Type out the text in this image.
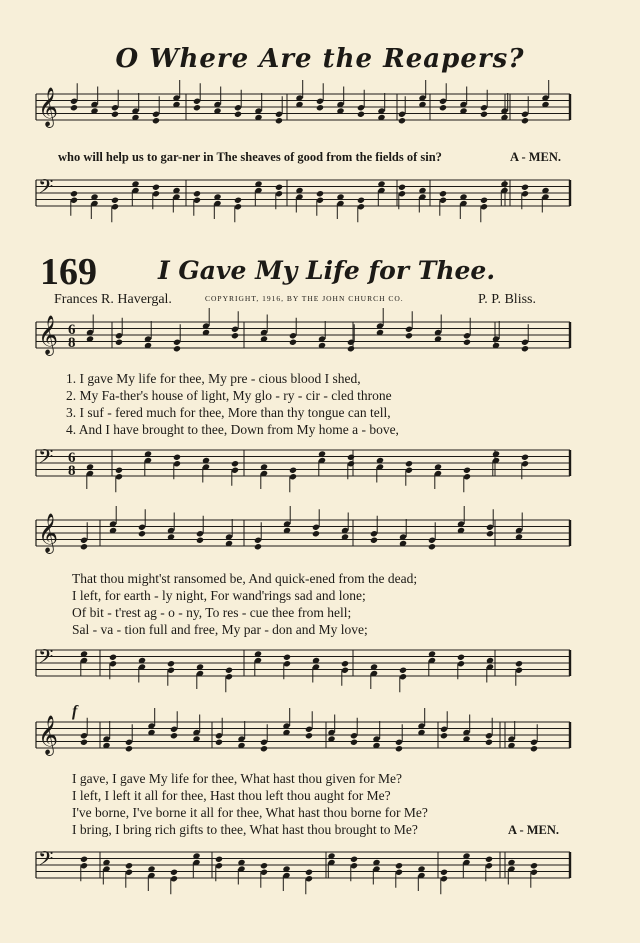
O Where Are the Reapers?
𝄞
𝄢
𝄞
𝄢
6
8
6
8
𝄞
𝄢
𝄞
𝄢
who will help us to gar-ner in The sheaves of good from the fields of sin?	A - MEN.
169 I Gave My Life for Thee.
Frances R. Havergal.	COPYRIGHT, 1916, BY THE JOHN CHURCH CO.	P. P. Bliss.
1. I gave My life for thee, My pre - cious blood I shed,
2. My Fa-ther's house of light, My glo - ry - cir - cled throne
3. I suf - fered much for thee, More than thy tongue can tell,
4. And I have brought to thee, Down from My home a - bove,
That thou might'st ransomed be, And quick-ened from the dead;
I left, for earth - ly night, For wand'rings sad and lone;
Of bit - t'rest ag - o - ny, To res - cue thee from hell;
Sal - va - tion full and free, My par - don and My love;
f
I gave, I gave My life for thee, What hast thou given for Me?
I left, I left it all for thee, Hast thou left thou aught for Me?
I've borne, I've borne it all for thee, What hast thou borne for Me?
I bring, I bring rich gifts to thee, What hast thou brought to Me?	A - MEN.
